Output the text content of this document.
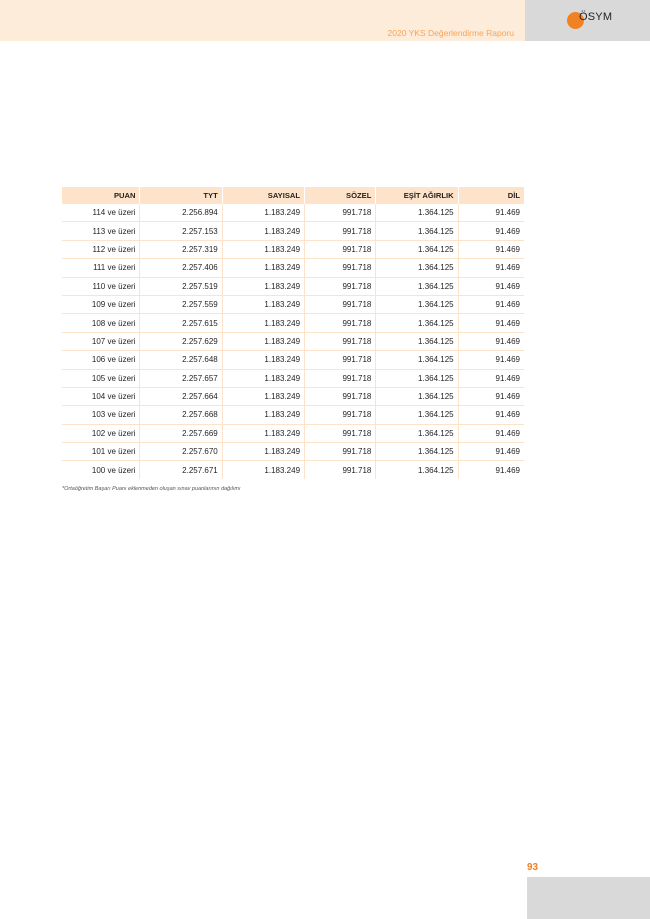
2020 YKS Değerlendirme Raporu
ÖSYM
PUAN	TYT	SAYISAL	SÖZEL	EŞİT AĞIRLIK	DİL
114 ve üzeri	2.256.894	1.183.249	991.718	1.364.125	91.469
113 ve üzeri	2.257.153	1.183.249	991.718	1.364.125	91.469
112 ve üzeri	2.257.319	1.183.249	991.718	1.364.125	91.469
111 ve üzeri	2.257.406	1.183.249	991.718	1.364.125	91.469
110 ve üzeri	2.257.519	1.183.249	991.718	1.364.125	91.469
109 ve üzeri	2.257.559	1.183.249	991.718	1.364.125	91.469
108 ve üzeri	2.257.615	1.183.249	991.718	1.364.125	91.469
107 ve üzeri	2.257.629	1.183.249	991.718	1.364.125	91.469
106 ve üzeri	2.257.648	1.183.249	991.718	1.364.125	91.469
105 ve üzeri	2.257.657	1.183.249	991.718	1.364.125	91.469
104 ve üzeri	2.257.664	1.183.249	991.718	1.364.125	91.469
103 ve üzeri	2.257.668	1.183.249	991.718	1.364.125	91.469
102 ve üzeri	2.257.669	1.183.249	991.718	1.364.125	91.469
101 ve üzeri	2.257.670	1.183.249	991.718	1.364.125	91.469
100 ve üzeri	2.257.671	1.183.249	991.718	1.364.125	91.469
*Ortaöğretim Başarı Puanı eklenmeden oluşan sınav puanlarının dağılımı
93
